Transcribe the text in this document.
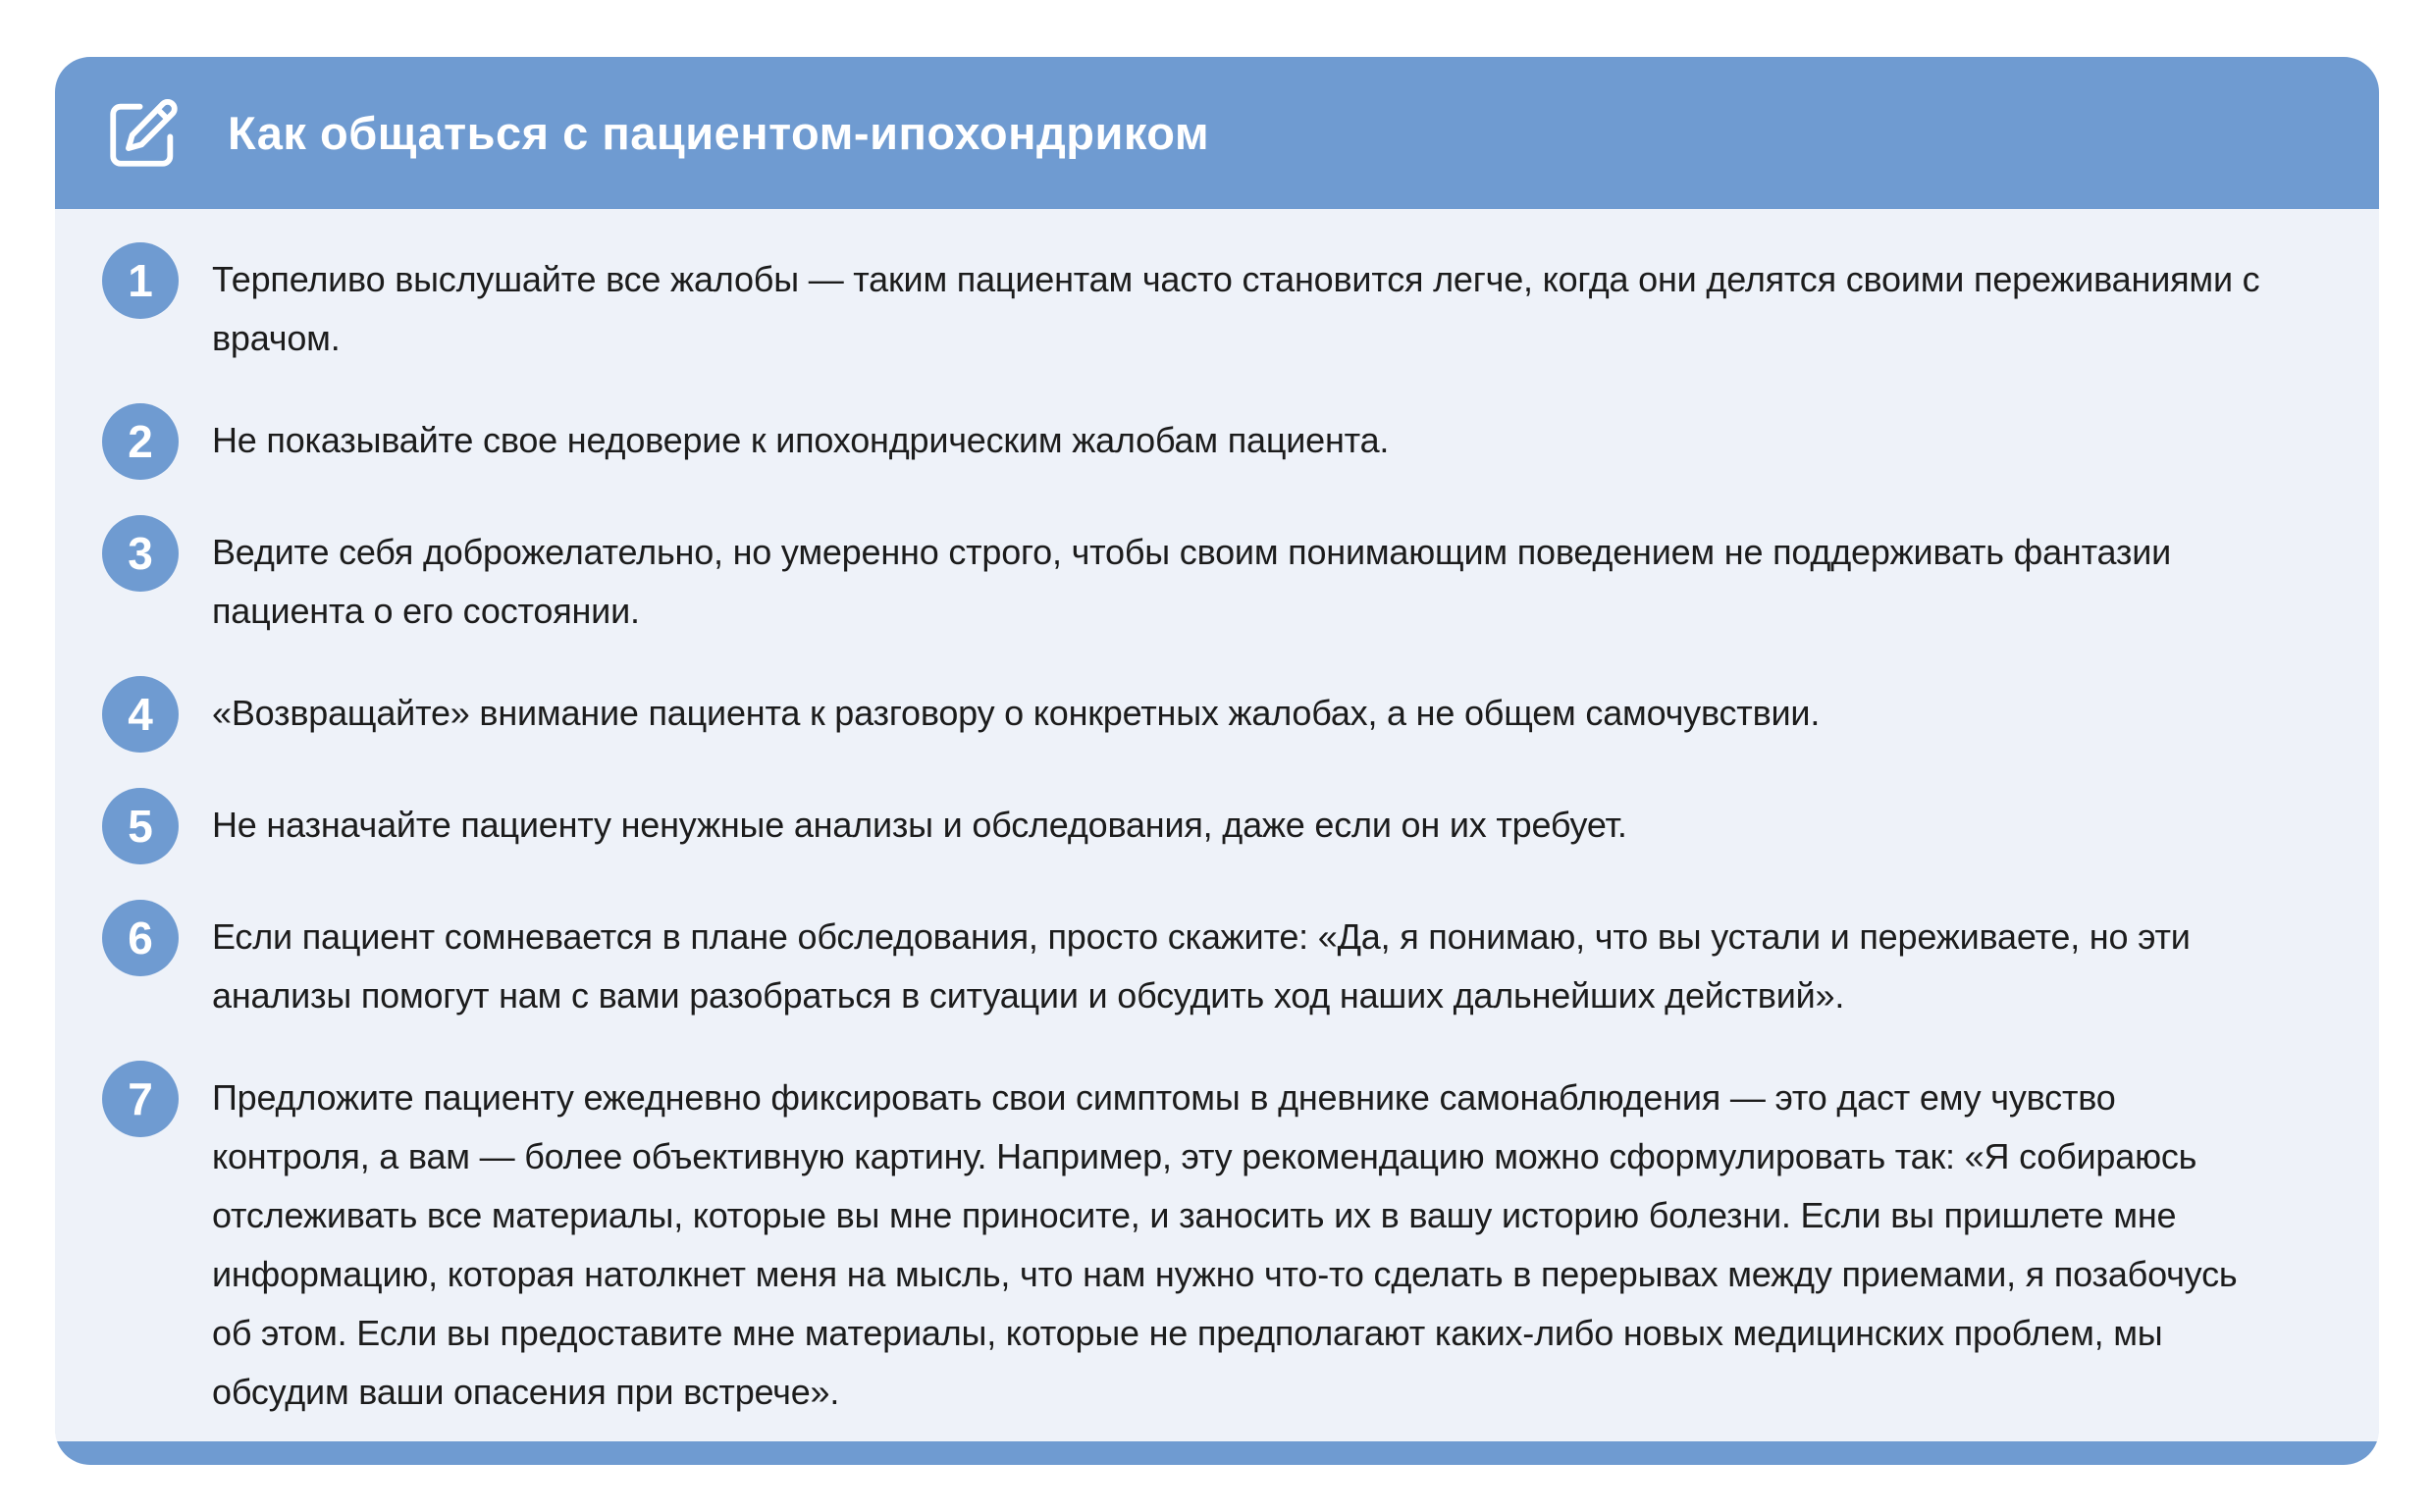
Как общаться с пациентом-ипохондриком
1	Терпеливо выслушайте все жалобы — таким пациентам часто становится легче, когда они делятся своими переживаниями с врачом.

2	Не показывайте свое недоверие к ипохондрическим жалобам пациента.

3	Ведите себя доброжелательно, но умеренно строго, чтобы своим понимающим поведением не поддерживать фантазии пациента о его состоянии.

4	«Возвращайте» внимание пациента к разговору о конкретных жалобах, а не общем самочувствии.

5	Не назначайте пациенту ненужные анализы и обследования, даже если он их требует.

6	Если пациент сомневается в плане обследования, просто скажите: «Да, я понимаю, что вы устали и переживаете, но эти анализы помогут нам с вами разобраться в ситуации и обсудить ход наших дальнейших действий».

7	Предложите пациенту ежедневно фиксировать свои симптомы в дневнике самонаблюдения — это даст ему чувство контроля, а вам — более объективную картину. Например, эту рекомендацию можно сформулировать так: «Я собираюсь отслеживать все материалы, которые вы мне приносите, и заносить их в вашу историю болезни. Если вы пришлете мне информацию, которая натолкнет меня на мысль, что нам нужно что-то сделать в перерывах между приемами, я позабочусь об этом. Если вы предоставите мне материалы, которые не предполагают каких-либо новых медицинских проблем, мы обсудим ваши опасения при встрече».
